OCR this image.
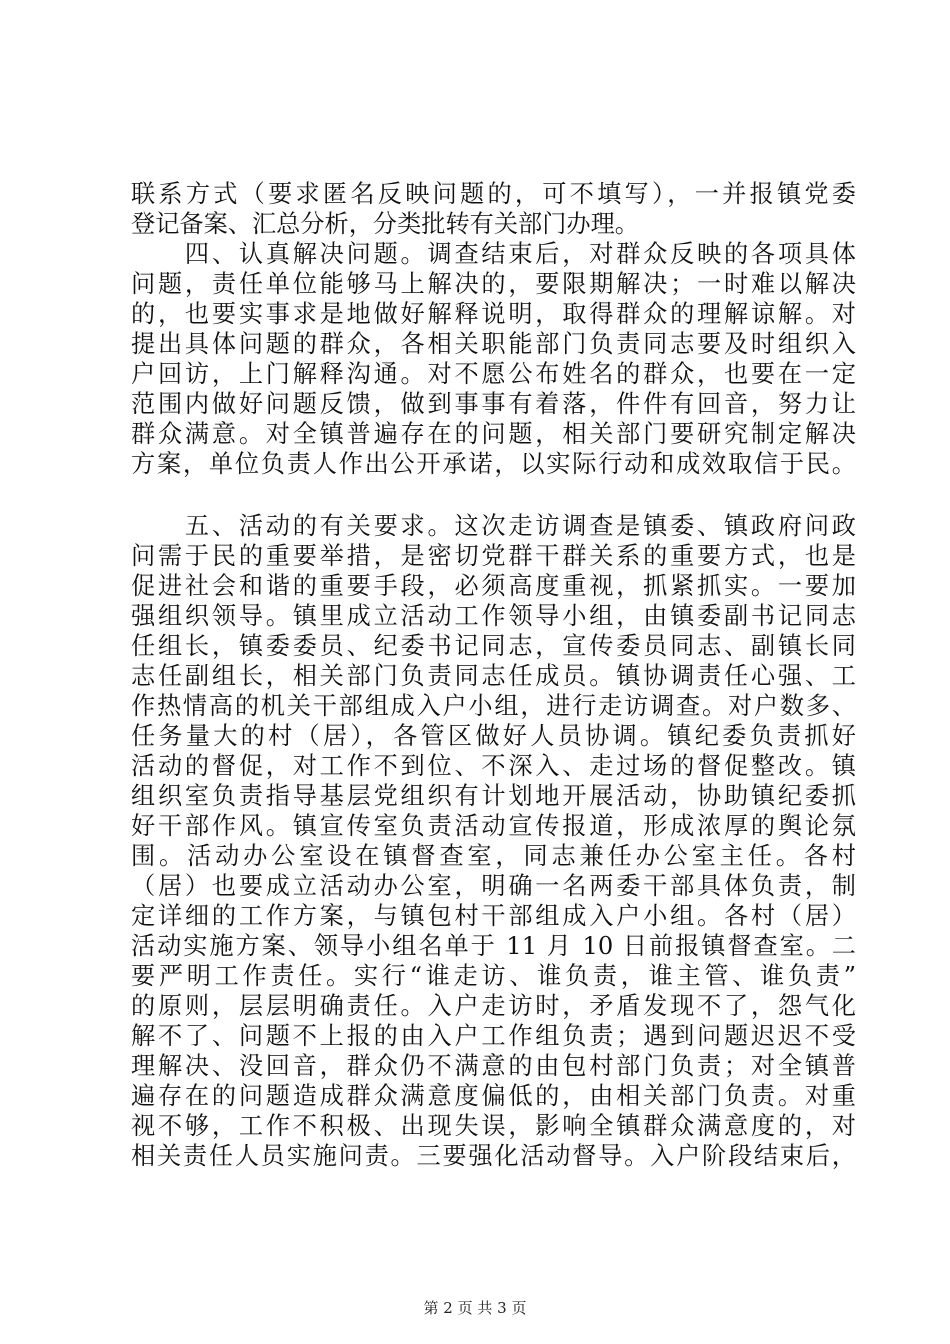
联系方式（要求匿名反映问题的，可不填写），一并报镇党委
登记备案、汇总分析，分类批转有关部门办理。
　　四、认真解决问题。调查结束后，对群众反映的各项具体
问题，责任单位能够马上解决的，要限期解决；一时难以解决
的，也要实事求是地做好解释说明，取得群众的理解谅解。对
提出具体问题的群众，各相关职能部门负责同志要及时组织入
户回访，上门解释沟通。对不愿公布姓名的群众，也要在一定
范围内做好问题反馈，做到事事有着落，件件有回音，努力让
群众满意。对全镇普遍存在的问题，相关部门要研究制定解决
方案，单位负责人作出公开承诺，以实际行动和成效取信于民。
　　五、活动的有关要求。这次走访调查是镇委、镇政府问政
问需于民的重要举措，是密切党群干群关系的重要方式，也是
促进社会和谐的重要手段，必须高度重视，抓紧抓实。一要加
强组织领导。镇里成立活动工作领导小组，由镇委副书记同志
任组长，镇委委员、纪委书记同志，宣传委员同志、副镇长同
志任副组长，相关部门负责同志任成员。镇协调责任心强、工
作热情高的机关干部组成入户小组，进行走访调查。对户数多、
任务量大的村（居），各管区做好人员协调。镇纪委负责抓好
活动的督促，对工作不到位、不深入、走过场的督促整改。镇
组织室负责指导基层党组织有计划地开展活动，协助镇纪委抓
好干部作风。镇宣传室负责活动宣传报道，形成浓厚的舆论氛
围。活动办公室设在镇督查室，同志兼任办公室主任。各村
（居）也要成立活动办公室，明确一名两委干部具体负责，制
定详细的工作方案，与镇包村干部组成入户小组。各村（居）
活动实施方案、领导小组名单于 11 月 10 日前报镇督查室。二
要严明工作责任。实行“谁走访、谁负责，谁主管、谁负责”
的原则，层层明确责任。入户走访时，矛盾发现不了，怨气化
解不了、问题不上报的由入户工作组负责；遇到问题迟迟不受
理解决、没回音，群众仍不满意的由包村部门负责；对全镇普
遍存在的问题造成群众满意度偏低的，由相关部门负责。对重
视不够，工作不积极、出现失误，影响全镇群众满意度的，对
相关责任人员实施问责。三要强化活动督导。入户阶段结束后，
第 2 页 共 3 页
